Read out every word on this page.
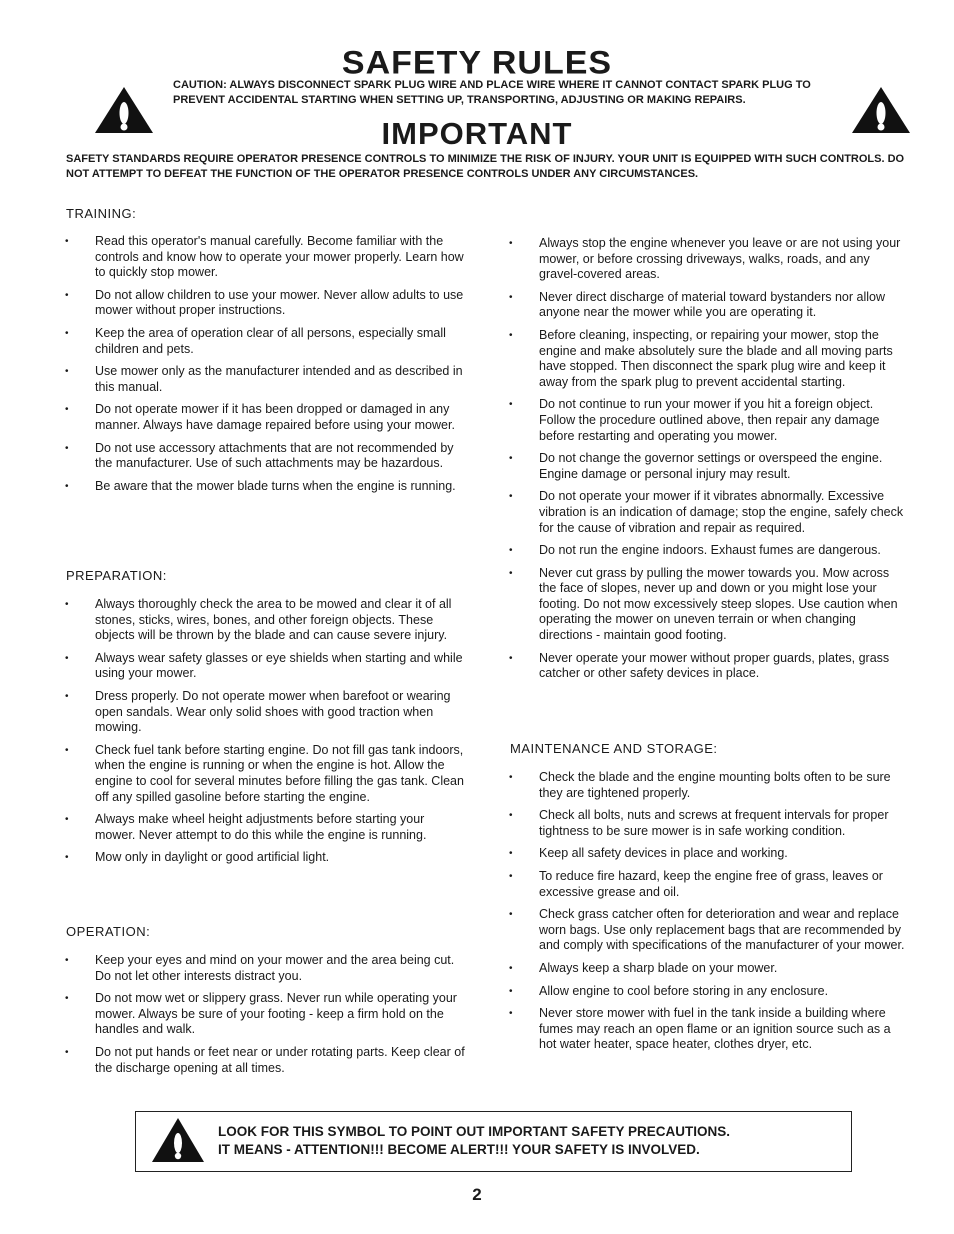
SAFETY RULES
CAUTION: ALWAYS DISCONNECT SPARK PLUG WIRE AND PLACE WIRE WHERE IT CANNOT CONTACT SPARK PLUG TO PREVENT ACCIDENTAL STARTING WHEN SETTING UP, TRANSPORTING, ADJUSTING OR MAKING REPAIRS.
IMPORTANT
SAFETY STANDARDS REQUIRE OPERATOR PRESENCE CONTROLS TO MINIMIZE THE RISK OF INJURY. YOUR UNIT IS EQUIPPED WITH SUCH CONTROLS. DO NOT ATTEMPT TO DEFEAT THE FUNCTION OF THE OPERATOR PRESENCE CONTROLS UNDER ANY CIRCUMSTANCES.
TRAINING:
• Read this operator's manual carefully. Become familiar with the controls and know how to operate your mower properly. Learn how to quickly stop mower.
• Do not allow children to use your mower. Never allow adults to use mower without proper instructions.
• Keep the area of operation clear of all persons, especially small children and pets.
• Use mower only as the manufacturer intended and as described in this manual.
• Do not operate mower if it has been dropped or damaged in any manner. Always have damage repaired before using your mower.
• Do not use accessory attachments that are not recommended by the manufacturer. Use of such attachments may be hazardous.
• Be aware that the mower blade turns when the engine is running.
PREPARATION:
• Always thoroughly check the area to be mowed and clear it of all stones, sticks, wires, bones, and other foreign objects. These objects will be thrown by the blade and can cause severe injury.
• Always wear safety glasses or eye shields when starting and while using your mower.
• Dress properly. Do not operate mower when barefoot or wearing open sandals. Wear only solid shoes with good traction when mowing.
• Check fuel tank before starting engine. Do not fill gas tank indoors, when the engine is running or when the engine is hot. Allow the engine to cool for several minutes before filling the gas tank. Clean off any spilled gasoline before starting the engine.
• Always make wheel height adjustments before starting your mower. Never attempt to do this while the engine is running.
• Mow only in daylight or good artificial light.
OPERATION:
• Keep your eyes and mind on your mower and the area being cut. Do not let other interests distract you.
• Do not mow wet or slippery grass. Never run while operating your mower. Always be sure of your footing - keep a firm hold on the handles and walk.
• Do not put hands or feet near or under rotating parts. Keep clear of the discharge opening at all times.
• Always stop the engine whenever you leave or are not using your mower, or before crossing driveways, walks, roads, and any gravel-covered areas.
• Never direct discharge of material toward bystanders nor allow anyone near the mower while you are operating it.
• Before cleaning, inspecting, or repairing your mower, stop the engine and make absolutely sure the blade and all moving parts have stopped. Then disconnect the spark plug wire and keep it away from the spark plug to prevent accidental starting.
• Do not continue to run your mower if you hit a foreign object. Follow the procedure outlined above, then repair any damage before restarting and operating you mower.
• Do not change the governor settings or overspeed the engine. Engine damage or personal injury may result.
• Do not operate your mower if it vibrates abnormally. Excessive vibration is an indication of damage; stop the engine, safely check for the cause of vibration and repair as required.
• Do not run the engine indoors. Exhaust fumes are dangerous.
• Never cut grass by pulling the mower towards you. Mow across the face of slopes, never up and down or you might lose your footing. Do not mow excessively steep slopes. Use caution when operating the mower on uneven terrain or when changing directions - maintain good footing.
• Never operate your mower without proper guards, plates, grass catcher or other safety devices in place.
MAINTENANCE AND STORAGE:
• Check the blade and the engine mounting bolts often to be sure they are tightened properly.
• Check all bolts, nuts and screws at frequent intervals for proper tightness to be sure mower is in safe working condition.
• Keep all safety devices in place and working.
• To reduce fire hazard, keep the engine free of grass, leaves or excessive grease and oil.
• Check grass catcher often for deterioration and wear and replace worn bags. Use only replacement bags that are recommended by and comply with specifications of the manufacturer of your mower.
• Always keep a sharp blade on your mower.
• Allow engine to cool before storing in any enclosure.
• Never store mower with fuel in the tank inside a building where fumes may reach an open flame or an ignition source such as a hot water heater, space heater, clothes dryer, etc.
LOOK FOR THIS SYMBOL TO POINT OUT IMPORTANT SAFETY PRECAUTIONS.
IT MEANS - ATTENTION!!! BECOME ALERT!!! YOUR SAFETY IS INVOLVED.
2
